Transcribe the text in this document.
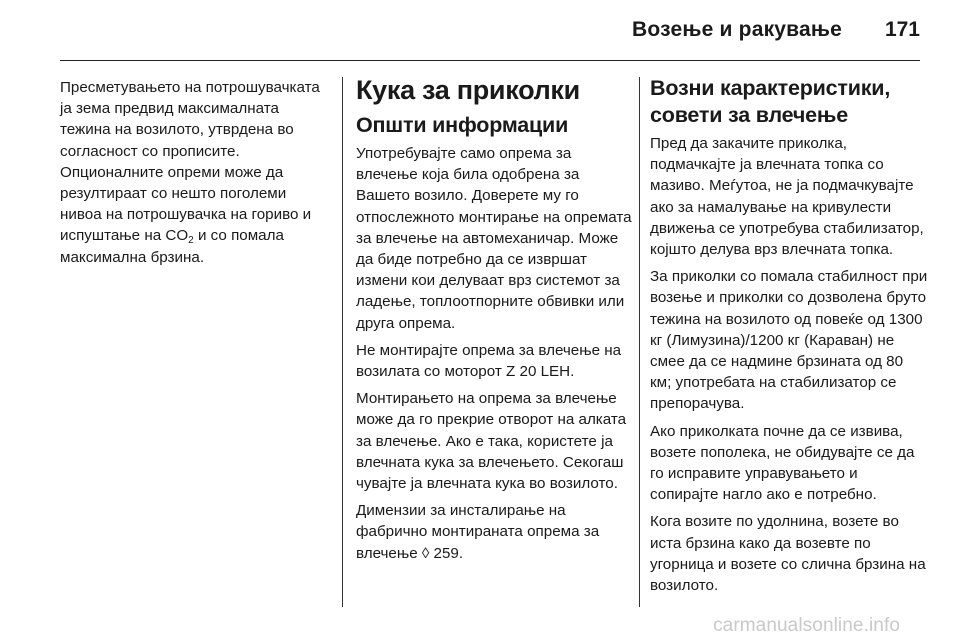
Возење и ракување 171

Пресметувањето на потрошувачката ја зема предвид максималната тежина на возилото, утврдена во согласност со прописите. Опционалните опреми може да резултираат со нешто поголеми нивоа на потрошувачка на гориво и испуштање на $CO_2$ и со помала максимална брзина.

Кука за приколки
Општи информации

Употребувајте само опрема за влечење која била одобрена за Вашето возило. Доверете му го отпослежното монтирање на опремата за влечење на автомеханичар. Може да биде потребно да се извршат измени кои делуваат врз системот за ладење, топлоотпорните обвивки или друга опрема.

Не монтирајте опрема за влечење на возилата со моторот Z 20 LEH.

Монтирањето на опрема за влечење може да го прекрие отворот на алката за влечење. Ако е така, користете ја влечната кука за влечењето. Секогаш чувајте ја влечната кука во возилото.

Димензии за инсталирање на фабрично монтираната опрема за влечење ◊ 259.

Возни карактеристики, совети за влечење

Пред да закачите приколка, подмачкајте ја влечната топка со мазиво. Меѓутоа, не ја подмачкувајте ако за намалување на кривулести движења се употребува стабилизатор, којшто делува врз влечната топка.

За приколки со помала стабилност при возење и приколки со дозволена бруто тежина на возилото од повеќе од 1300 кг (Лимузина)/1200 кг (Караван) не смее да се надмине брзината од 80 км; употребата на стабилизатор се препорачува.

Ако приколката почне да се извива, возете пополека, не обидувајте се да го исправите управувањето и сопирајте нагло ако е потребно.

Кога возите по удолнина, возете во иста брзина како да возевте по угорница и возете со слична брзина на возилото.

carmanualsonline.info
